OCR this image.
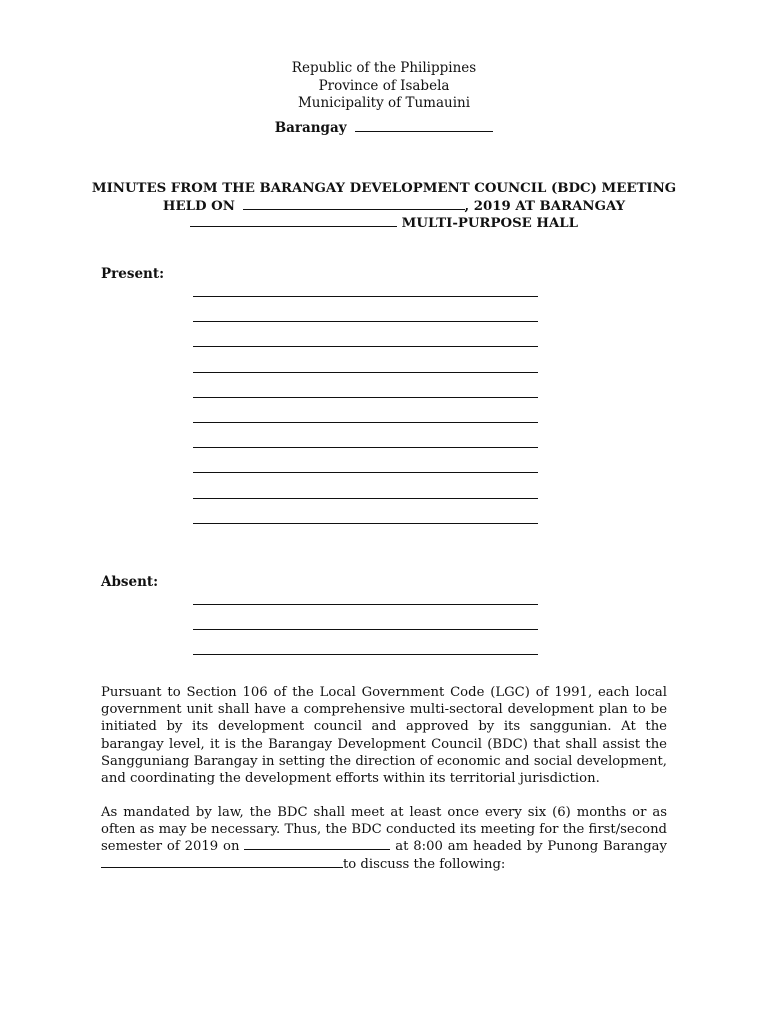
Republic of the Philippines
Province of Isabela
Municipality of Tumauini
Barangay
MINUTES FROM THE BARANGAY DEVELOPMENT COUNCIL (BDC) MEETING
HELD ON	, 2019 AT BARANGAY
MULTI-PURPOSE HALL
Present:
Absent:
Pursuant to Section 106 of the Local Government Code (LGC) of 1991, each local government unit shall have a comprehensive multi-sectoral development plan to be initiated by its development council and approved by its sanggunian. At the barangay level, it is the Barangay Development Council (BDC) that shall assist the Sangguniang Barangay in setting the direction of economic and social development, and coordinating the development efforts within its territorial jurisdiction.
As mandated by law, the BDC shall meet at least once every six (6) months or as often as may be necessary. Thus, the BDC conducted its meeting for the first/second semester of 2019 on	at 8:00 am headed by Punong Barangay to discuss the following:
